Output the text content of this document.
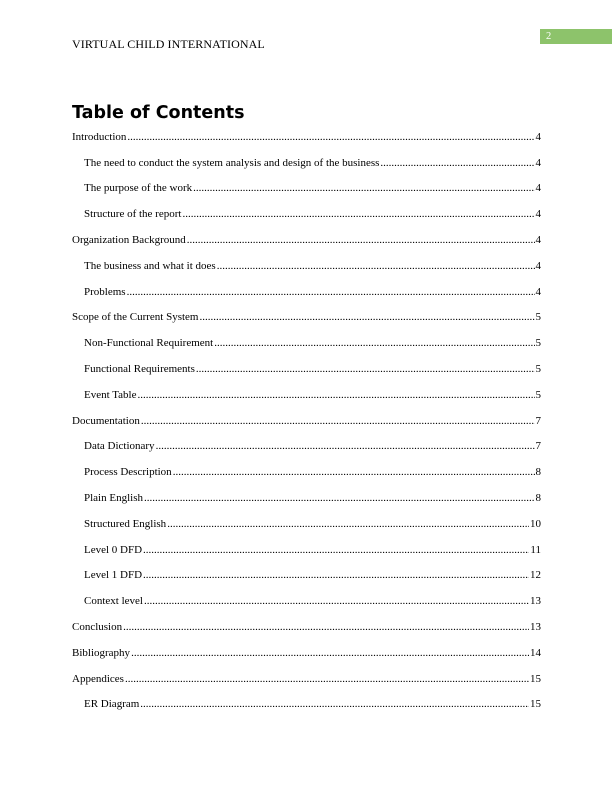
2
VIRTUAL CHILD INTERNATIONAL
Table of Contents
Introduction .....	4
The need to conduct the system analysis and design of the business .....	4
The purpose of the work .....	4
Structure of the report .....	4
Organization Background .....	4
The business and what it does .....	4
Problems .....	4
Scope of the Current System .....	5
Non-Functional Requirement .....	5
Functional Requirements .....	5
Event Table .....	5
Documentation .....	7
Data Dictionary .....	7
Process Description .....	8
Plain English .....	8
Structured English .....	10
Level 0 DFD .....	11
Level 1 DFD .....	12
Context level .....	13
Conclusion .....	13
Bibliography .....	14
Appendices .....	15
ER Diagram .....	15
